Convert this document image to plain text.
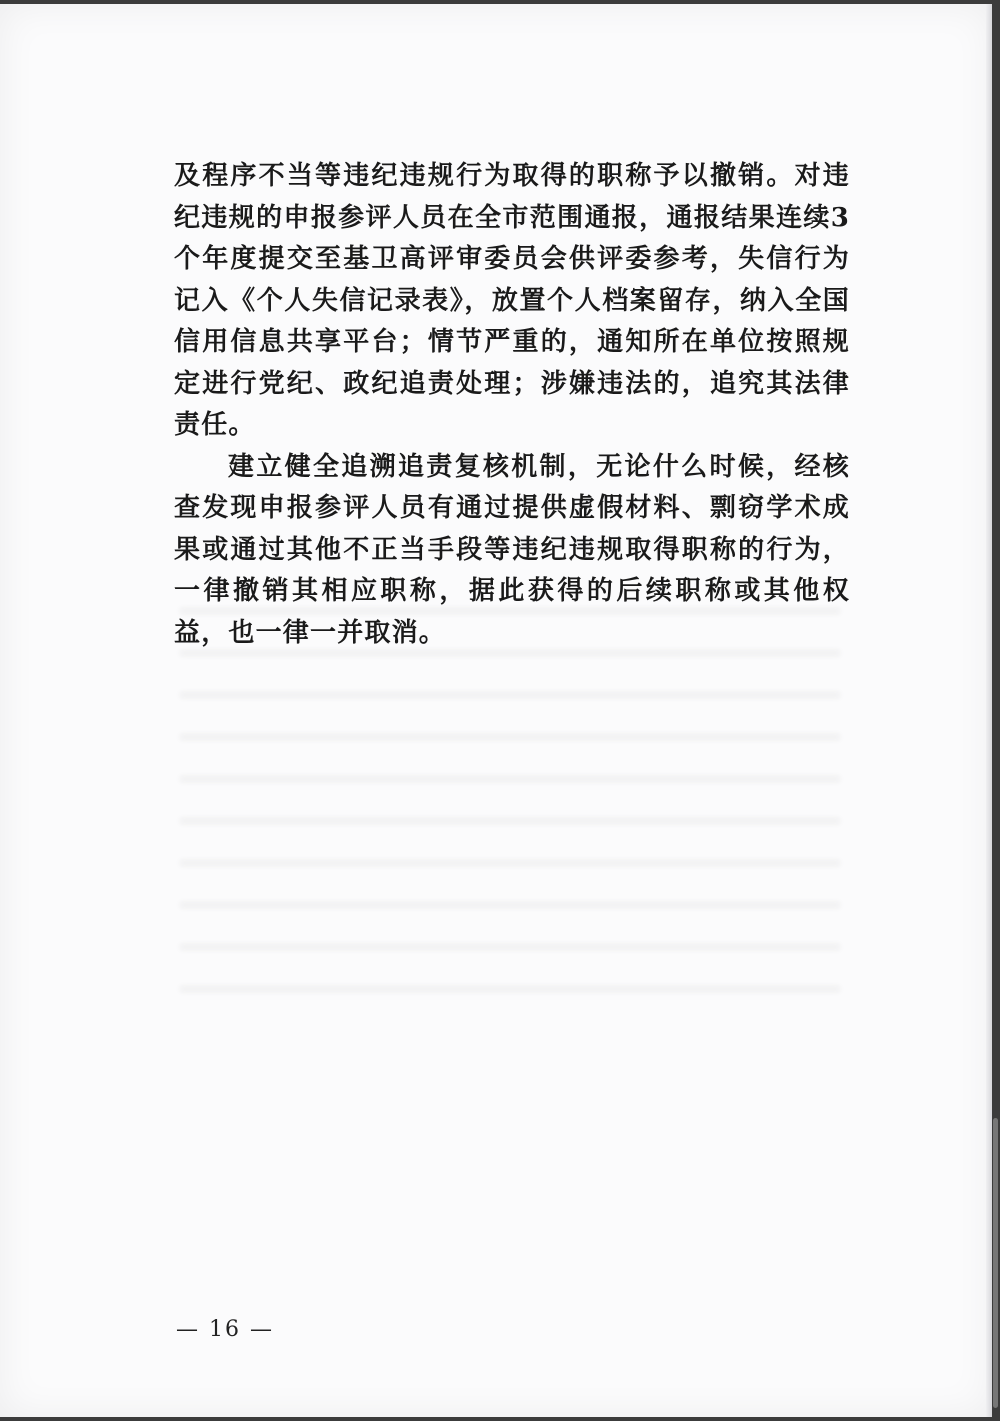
及程序不当等违纪违规行为取得的职称予以撤销。对违纪违规的申报参评人员在全市范围通报，通报结果连续3个年度提交至基卫高评审委员会供评委参考，失信行为记入《个人失信记录表》，放置个人档案留存，纳入全国信用信息共享平台；情节严重的，通知所在单位按照规定进行党纪、政纪追责处理；涉嫌违法的，追究其法律责任。

建立健全追溯追责复核机制，无论什么时候，经核查发现申报参评人员有通过提供虚假材料、剽窃学术成果或通过其他不正当手段等违纪违规取得职称的行为，一律撤销其相应职称，据此获得的后续职称或其他权益，也一律一并取消。

— 16 —
